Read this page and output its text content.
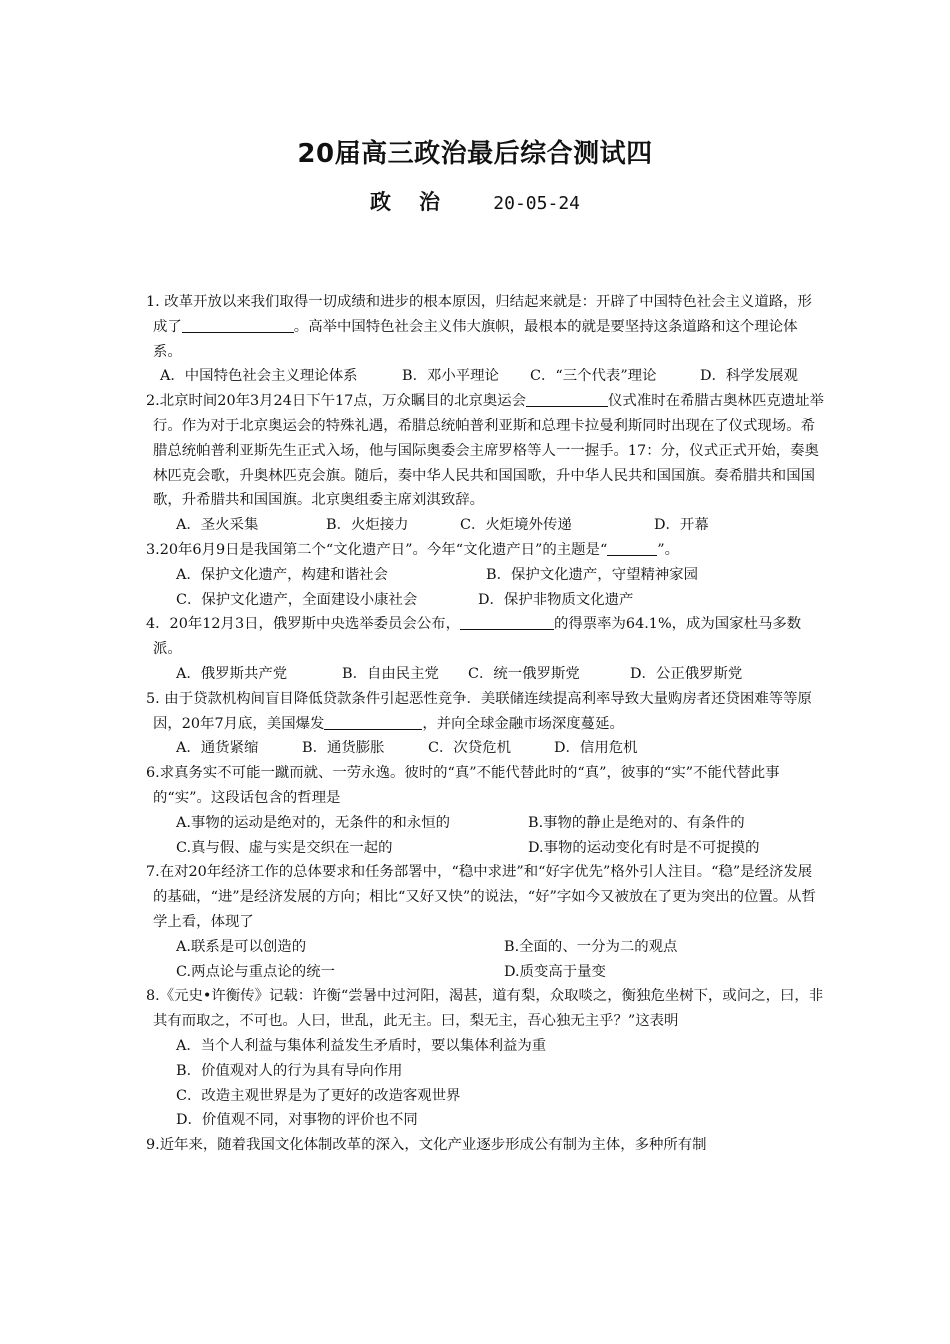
20届高三政治最后综合测试四
政治 20-05-24
1. 改革开放以来我们取得一切成绩和进步的根本原因，归结起来就是：开辟了中国特色社会主义道路，形成了	。高举中国特色社会主义伟大旗帜，最根本的就是要坚持这条道路和这个理论体系。
A．中国特色社会主义理论体系	B．邓小平理论	C．“三个代表”理论	D．科学发展观
2.北京时间20年3月24日下午17点，万众瞩目的北京奥运会	仪式准时在希腊古奥林匹克遗址举行。作为对于北京奥运会的特殊礼遇，希腊总统帕普利亚斯和总理卡拉曼利斯同时出现在了仪式现场。希腊总统帕普利亚斯先生正式入场，他与国际奥委会主席罗格等人一一握手。17：分，仪式正式开始，奏奥林匹克会歌，升奥林匹克会旗。随后，奏中华人民共和国国歌，升中华人民共和国国旗。奏希腊共和国国歌，升希腊共和国国旗。北京奥组委主席刘淇致辞。
A．圣火采集	B．火炬接力	C．火炬境外传递	D．开幕
3.20年6月9日是我国第二个“文化遗产日”。今年“文化遗产日”的主题是“	”。
A．保护文化遗产，构建和谐社会	B．保护文化遗产，守望精神家园
C．保护文化遗产，全面建设小康社会	D．保护非物质文化遗产
4．20年12月3日，俄罗斯中央选举委员会公布，	的得票率为64.1%，成为国家杜马多数派。
A．俄罗斯共产党	B．自由民主党	C．统一俄罗斯党	D．公正俄罗斯党
5. 由于贷款机构间盲目降低贷款条件引起恶性竞争．美联储连续提高利率导致大量购房者还贷困难等等原因，20年7月底，美国爆发	，并向全球金融市场深度蔓延。
A．通货紧缩	B．通货膨胀	C．次贷危机	D．信用危机
6.求真务实不可能一蹴而就、一劳永逸。彼时的“真”不能代替此时的“真”，彼事的“实”不能代替此事的“实”。这段话包含的哲理是
A.事物的运动是绝对的，无条件的和永恒的	B.事物的静止是绝对的、有条件的
C.真与假、虚与实是交织在一起的	D.事物的运动变化有时是不可捉摸的
7.在对20年经济工作的总体要求和任务部署中，“稳中求进”和“好字优先”格外引人注目。“稳”是经济发展的基础，“进”是经济发展的方向；相比“又好又快”的说法，“好”字如今又被放在了更为突出的位置。从哲学上看，体现了
A.联系是可以创造的	B.全面的、一分为二的观点
C.两点论与重点论的统一	D.质变高于量变
8.《元史•许衡传》记载：许衡“尝暑中过河阳，渴甚，道有梨，众取啖之，衡独危坐树下，或问之，曰，非其有而取之，不可也。人曰，世乱，此无主。曰，梨无主，吾心独无主乎？”这表明
A．当个人利益与集体利益发生矛盾时，要以集体利益为重
B．价值观对人的行为具有导向作用
C．改造主观世界是为了更好的改造客观世界
D．价值观不同，对事物的评价也不同
9.近年来，随着我国文化体制改革的深入，文化产业逐步形成公有制为主体，多种所有制
